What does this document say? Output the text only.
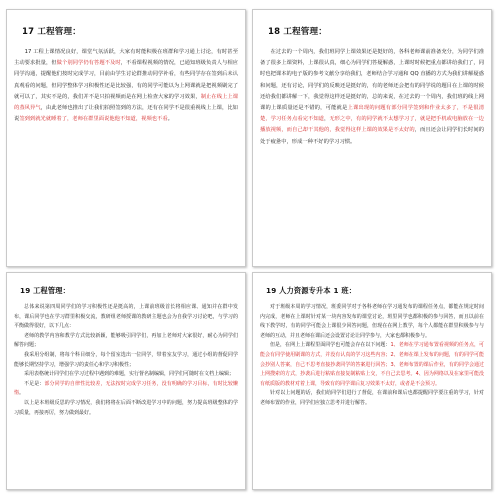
17 工程管理：

17 工程上课情况良好，课堂气氛活跃，大家有时能积极在班群和学习通上讨论，有时甚至主动要求批量，但做个别同学仍有答题不及时，不看课程视频的情况，已通知班级负责人与相应同学沟通，提醒他们按时完成学习，目前由学生讨论群推动同学补看，有些同学存在签到后未认真观看的问题，但同学整体学习积极性还是比较强，有的同学可能以为上网课就是把视频刷完了就可以了，其实不是的，我们并不是只拍视频而是在网上检查大家的学习效果，制止在线上上课的蒸风异气，由此老师也推出了让我们拍照签到的方法，还有在同学不是很重视线上上课，比如说签到到就光就睡着了，老师在群里面说他他不知道，视频也不看。

18 工程管理：

在过去的一个周内，我们班同学上课效果还是挺好的，各科老师课前准备充分，为同学们准备了很多上课资料，上课很认真，细心为同学们答疑解惑，上课时时候把重点都讲给我们了，同时也把课本的电子版的参考文献分享给我们，老师结合学习通和 QQ 直播的方式为我们讲解疑惑和问题，还有讨论，同学们的反映还是挺好的，有的老师还会把有的同学说的题目在上课的时候还给我们都讲解一下，我觉得这样还是挺好的，总的来说，在过去的一个周内，我们班的线上网课的上课质量还是不错的，可能就是上课出现的问题有部分同学签到和作业太多了，不是很清楚，学习任务点看完不知道，无形之中，有的同学就不太想学习了，就是把手机或电脑放在一边播放视频，而自己却干其他的，我觉得这样上课的效果是不太好的，而且还会让同学们长时间的处于疲惫中，形成一种不好的学习习惯。

19 工程管理：

总体来说第四周同学们的学习积极性还是挺高的，上课前班级首长将相应课、通知并在群中发布，课后同学也在学习群里积极交流，教研组老师授课的教研主题也会为自我学习讨论吧，与学习的平衡做得很好，以下几点：

老师的教学内容和教学方式比较新颖，能够吸引同学们，再加上老师对大家很好，耐心为同学们解答问题；

我采用分组制，将每个科目细分，每个留室选出一位同学，带着室友学习，通过小组的督促同学能够长期坚持学习，增强学习的责任心和学习积极性；

采用表格统计同学们在学习过程中遇到的难题，实行督名制编辑，同学们可随时在文档上编辑；

不足是：部分同学的自律性比较差，无法按时完成学习任务，没有明确的学习目标，有时比较懒惰。

以上是本班级反思的学习情况，我们将将在后面不断改进学习中的问题，努力提高班级整体的学习质量，再接再厉，努力做到最好。

19 人力资源专升本 1 班：

对于班级本周的学习情况，班委同学对于各科老师在学习通发布的课程任务点，都能在规定时间内完成，老师在上课时针对某一块内容发布的课堂讨论，班里同学也都积极的参与回答，而且以前在线下教学时，有的同学可能会上课很少回答问题，但现在在网上教学，每个人都能在群里积极参与与老师的互动，并且老师在课后还会设置讨论让同学参与，大家也都积极参与。

但是，在网上上课程里面同学也可能会存在以下问题：1、老师在学习通布置看视频的任务点，可能会有同学使用刷课的方式，并没有认真的学习这些内容；2、老师在课上发布的问题，有的同学可能会抄别人答案，自己不思考直接抄袭同学的答案进行回答；3、老师布置的课后作业，有的同学会通过上网搜索的方式，抄袭后进行粘贴直接复制粘贴上交，不自己去思考。4、因为网络以及在家里可能没有纸质版的教材对着上课，导致有的同学课后复习效果不太好，或者是不会预习。

针对以上问题的话，我们给同学们进行了督促，在课前和课后也都提醒同学要注重的学习，针对老师布置的作业，同学们应独立思考并进行解答。
